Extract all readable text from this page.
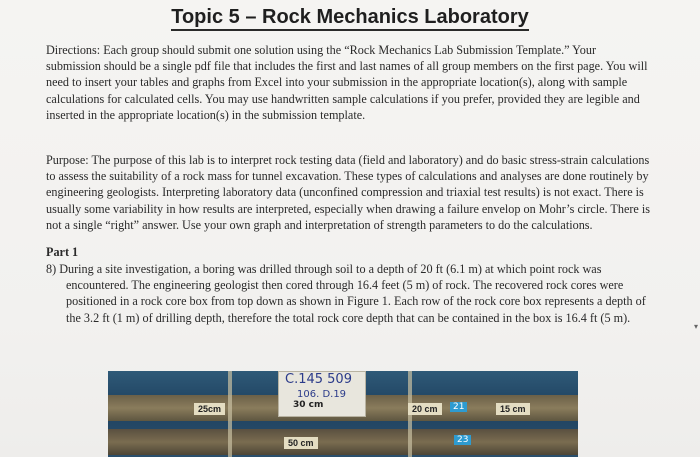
Topic 5 – Rock Mechanics Laboratory

Directions: Each group should submit one solution using the “Rock Mechanics Lab Submission Template.” Your submission should be a single pdf file that includes the first and last names of all group members on the first page. You will need to insert your tables and graphs from Excel into your submission in the appropriate location(s), along with sample calculations for calculated cells. You may use handwritten sample calculations if you prefer, provided they are legible and inserted in the appropriate location(s) in the submission template.

Purpose: The purpose of this lab is to interpret rock testing data (field and laboratory) and do basic stress-strain calculations to assess the suitability of a rock mass for tunnel excavation. These types of calculations and analyses are done routinely by engineering geologists. Interpreting laboratory data (unconfined compression and triaxial test results) is not exact. There is usually some variability in how results are interpreted, especially when drawing a failure envelop on Mohr’s circle. There is not a single “right” answer. Use your own graph and interpretation of strength parameters to do the calculations.

Part 1

8) During a site investigation, a boring was drilled through soil to a depth of 20 ft (6.1 m) at which point rock was encountered. The engineering geologist then cored through 16.4 feet (5 m) of rock. The recovered rock cores were positioned in a rock core box from top down as shown in Figure 1. Each row of the rock core box represents a depth of the 3.2 ft (1 m) of drilling depth, therefore the total rock core depth that can be contained in the box is 16.4 ft (5 m).

25cm	20 cm	15 cm
50 cm
21
23
C.145 509
106. D.19
30 cm
▾
